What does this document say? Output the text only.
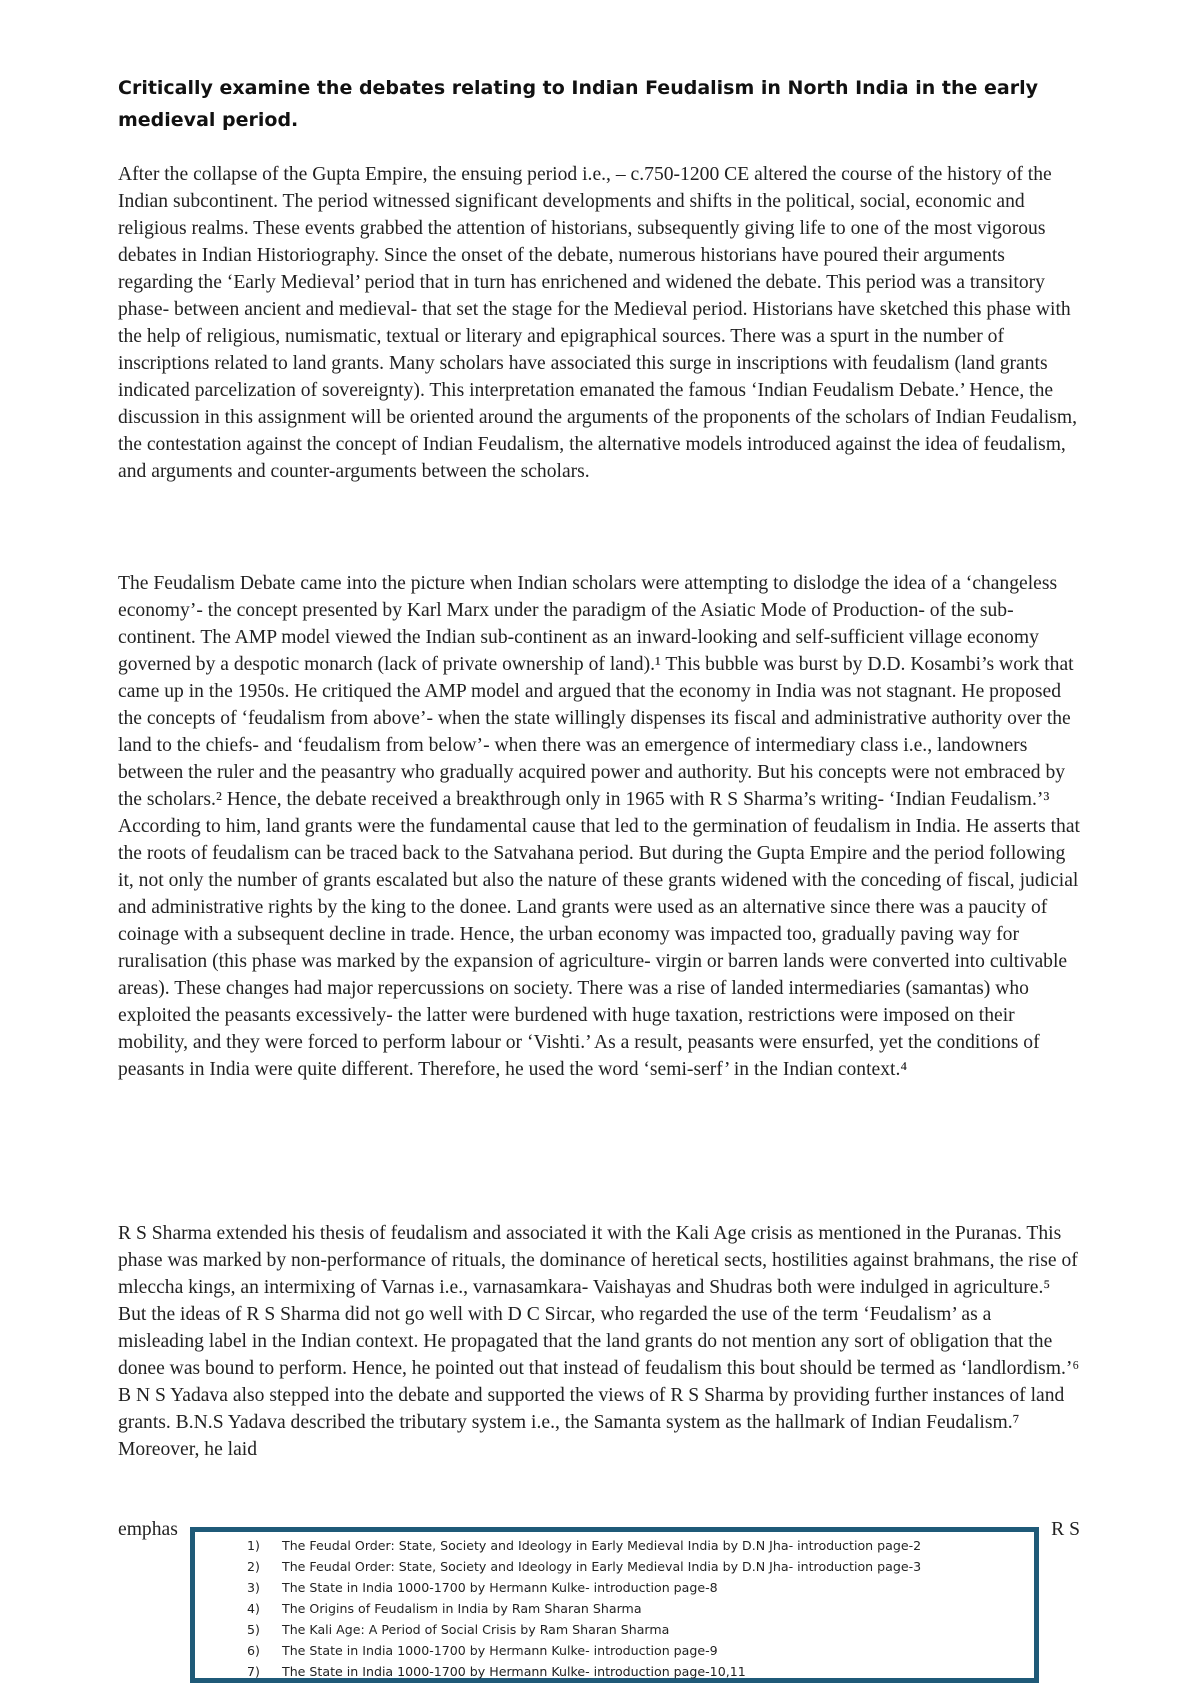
Critically examine the debates relating to Indian Feudalism in North India in the early medieval period.

After the collapse of the Gupta Empire, the ensuing period i.e., – c.750-1200 CE altered the course of the history of the Indian subcontinent. The period witnessed significant developments and shifts in the political, social, economic and religious realms. These events grabbed the attention of historians, subsequently giving life to one of the most vigorous debates in Indian Historiography. Since the onset of the debate, numerous historians have poured their arguments regarding the ‘Early Medieval’ period that in turn has enrichened and widened the debate. This period was a transitory phase- between ancient and medieval- that set the stage for the Medieval period. Historians have sketched this phase with the help of religious, numismatic, textual or literary and epigraphical sources. There was a spurt in the number of inscriptions related to land grants. Many scholars have associated this surge in inscriptions with feudalism (land grants indicated parcelization of sovereignty). This interpretation emanated the famous ‘Indian Feudalism Debate.’ Hence, the discussion in this assignment will be oriented around the arguments of the proponents of the scholars of Indian Feudalism, the contestation against the concept of Indian Feudalism, the alternative models introduced against the idea of feudalism, and arguments and counter-arguments between the scholars.

The Feudalism Debate came into the picture when Indian scholars were attempting to dislodge the idea of a ‘changeless economy’- the concept presented by Karl Marx under the paradigm of the Asiatic Mode of Production- of the sub-continent. The AMP model viewed the Indian sub-continent as an inward-looking and self-sufficient village economy governed by a despotic monarch (lack of private ownership of land).¹ This bubble was burst by D.D. Kosambi’s work that came up in the 1950s. He critiqued the AMP model and argued that the economy in India was not stagnant. He proposed the concepts of ‘feudalism from above’- when the state willingly dispenses its fiscal and administrative authority over the land to the chiefs- and ‘feudalism from below’- when there was an emergence of intermediary class i.e., landowners between the ruler and the peasantry who gradually acquired power and authority. But his concepts were not embraced by the scholars.² Hence, the debate received a breakthrough only in 1965 with R S Sharma’s writing- ‘Indian Feudalism.’³ According to him, land grants were the fundamental cause that led to the germination of feudalism in India. He asserts that the roots of feudalism can be traced back to the Satvahana period. But during the Gupta Empire and the period following it, not only the number of grants escalated but also the nature of these grants widened with the conceding of fiscal, judicial and administrative rights by the king to the donee. Land grants were used as an alternative since there was a paucity of coinage with a subsequent decline in trade. Hence, the urban economy was impacted too, gradually paving way for ruralisation (this phase was marked by the expansion of agriculture- virgin or barren lands were converted into cultivable areas). These changes had major repercussions on society. There was a rise of landed intermediaries (samantas) who exploited the peasants excessively- the latter were burdened with huge taxation, restrictions were imposed on their mobility, and they were forced to perform labour or ‘Vishti.’ As a result, peasants were ensurfed, yet the conditions of peasants in India were quite different. Therefore, he used the word ‘semi-serf’ in the Indian context.⁴

R S Sharma extended his thesis of feudalism and associated it with the Kali Age crisis as mentioned in the Puranas. This phase was marked by non-performance of rituals, the dominance of heretical sects, hostilities against brahmans, the rise of mleccha kings, an intermixing of Varnas i.e., varnasamkara- Vaishayas and Shudras both were indulged in agriculture.⁵ But the ideas of R S Sharma did not go well with D C Sircar, who regarded the use of the term ‘Feudalism’ as a misleading label in the Indian context. He propagated that the land grants do not mention any sort of obligation that the donee was bound to perform. Hence, he pointed out that instead of feudalism this bout should be termed as ‘landlordism.’⁶ B N S Yadava also stepped into the debate and supported the views of R S Sharma by providing further instances of land grants. B.N.S Yadava described the tributary system i.e., the Samanta system as the hallmark of Indian Feudalism.⁷ Moreover, he laid

emphas	R S
1)	The Feudal Order: State, Society and Ideology in Early Medieval India by D.N Jha- introduction page-2
2)	The Feudal Order: State, Society and Ideology in Early Medieval India by D.N Jha- introduction page-3
3)	The State in India 1000-1700 by Hermann Kulke- introduction page-8
4)	The Origins of Feudalism in India by Ram Sharan Sharma
5)	The Kali Age: A Period of Social Crisis by Ram Sharan Sharma
6)	The State in India 1000-1700 by Hermann Kulke- introduction page-9
7)	The State in India 1000-1700 by Hermann Kulke- introduction page-10,11
